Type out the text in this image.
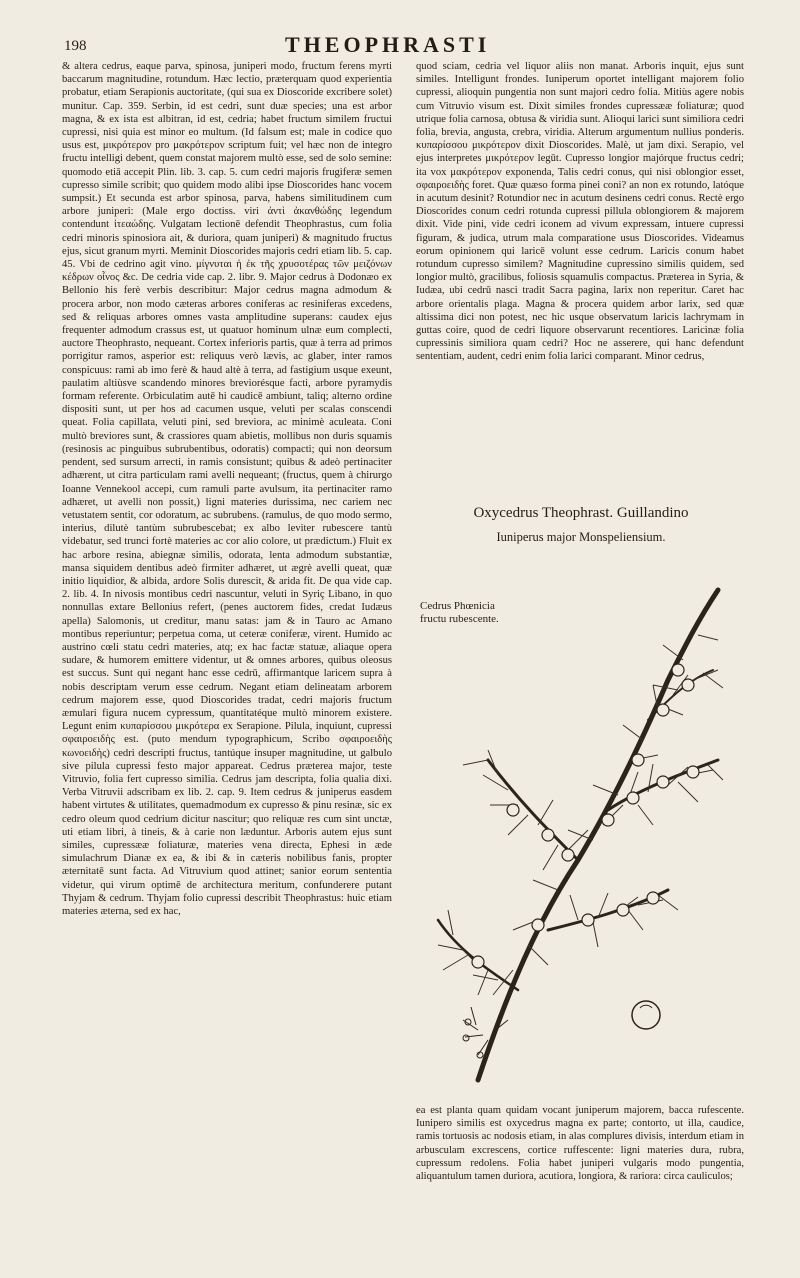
198	THEOPHRASTI

& altera cedrus, eaque parva, spinosa, juniperi modo, fructum ferens myrti baccarum magnitudine, rotundum. Hæc lectio, præterquam quod experientia probatur, etiam Serapionis auctoritate, (qui sua ex Dioscoride excribere solet) munitur. Cap. 359. Serbin, id est cedri, sunt duæ species; una est arbor magna, & ex ista est albitran, id est, cedria; habet fructum similem fructui cupressi, nisi quia est minor eo multum. (Id falsum est; male in codice quo usus est, μικρότερον pro μακρότερον scriptum fuit; vel hæc non de integro fructu intelligi debent, quem constat majorem multò esse, sed de solo semine: quomodo etiā accepit Plin. lib. 3. cap. 5. cum cedri majoris frugiferæ semen cupresso simile scribit; quo quidem modo alibi ipse Dioscorides hanc vocem sumpsit.) Et secunda est arbor spinosa, parva, habens similitudinem cum arbore juniperi: (Male ergo doctiss. viri ἀντὶ ἀκανθώδης legendum contendunt ἰτεαώδης. Vulgatam lectionē defendit Theophrastus, cum folia cedri minoris spinosiora ait, & duriora, quam juniperi) & magnitudo fructus ejus, sicut granum myrti. Meminit Dioscorides majoris cedri etiam lib. 5. cap. 45. Vbi de cedrino agit vino. μίγνυται ἡ ἐκ τῆς χρυσοτέρας τῶν μειζόνων κέδρων οἶνος &c. De cedria vide cap. 2. libr. 9. Major cedrus à Dodonæo ex Bellonio his ferè verbis describitur: Major cedrus magna admodum & procera arbor, non modo cæteras arbores coniferas ac resiniferas excedens, sed & reliquas arbores omnes vasta amplitudine superans: caudex ejus frequenter admodum crassus est, ut quatuor hominum ulnæ eum complecti, auctore Theophrasto, nequeant. Cortex inferioris partis, quæ à terra ad primos porrigitur ramos, asperior est: reliquus verò lævis, ac glaber, inter ramos conspicuus: rami ab imo ferè & haud altè à terra, ad fastigium usque exeunt, paulatim altiùsve scandendo minores breviorésque facti, arbore pyramydis formam referente. Orbiculatim autē hi caudicē ambiunt, taliq; alterno ordine dispositi sunt, ut per hos ad cacumen usque, veluti per scalas conscendi queat. Folia capillata, veluti pini, sed breviora, ac minimè aculeata. Coni multò breviores sunt, & crassiores quam abietis, mollibus non duris squamis (resinosis ac pinguibus subrubentibus, odoratis) compacti; qui non deorsum pendent, sed sursum arrecti, in ramis consistunt; quibus & adeò pertinaciter adhærent, ut citra particulam rami avelli nequeant; (fructus, quem à chirurgo Ioanne Vennekool accepi, cum ramuli parte avulsum, ita pertinaciter ramo adhæret, ut avelli non possit,) ligni materies durissima, nec cariem nec vetustatem sentit, cor odoratum, ac subrubens. (ramulus, de quo modo sermo, interius, dilutè tantùm subrubescebat; ex albo leviter rubescere tantù videbatur, sed trunci fortè materies ac cor alio colore, ut prædictum.) Fluit ex hac arbore resina, abiegnæ similis, odorata, lenta admodum substantiæ, mansa siquidem dentibus adeò firmiter adhæret, ut ægrè avelli queat, quæ initio liquidior, & albida, ardore Solis durescit, & arida fit. De qua vide cap. 2. lib. 4. In nivosis montibus cedri nascuntur, veluti in Syriç Libano, in quo nonnullas extare Bellonius refert, (penes auctorem fides, credat Iudæus apella) Salomonis, ut creditur, manu satas: jam & in Tauro ac Amano montibus reperiuntur; perpetua coma, ut ceteræ coniferæ, virent. Humido ac austrino cœli statu cedri materies, atq; ex hac factæ statuæ, aliaque opera sudare, & humorem emittere videntur, ut & omnes arbores, quibus oleosus est succus. Sunt qui negant hanc esse cedrū, affirmantque laricem supra à nobis descriptam verum esse cedrum. Negant etiam delineatam arborem cedrum majorem esse, quod Dioscorides tradat, cedri majoris fructum æmulari figura nucem cypressum, quantitatéque multò minorem existere. Legunt enim κυπαρίσσου μικρότερα ex Serapione. Pilula, inquiunt, cupressi σφαιροειδὴς est. (puto mendum typographicum, Scribo σφαιροειδὴς κωνοειδὴς) cedri descripti fructus, tantúque insuper magnitudine, ut galbulo sive pilula cupressi festo major appareat. Cedrus præterea major, teste Vitruvio, folia fert cupresso similia. Cedrus jam descripta, folia qualia dixi. Verba Vitruvii adscribam ex lib. 2. cap. 9. Item cedrus & juniperus easdem habent virtutes & utilitates, quemadmodum ex cupresso & pinu resinæ, sic ex cedro oleum quod cedrium dicitur nascitur; quo reliquæ res cum sint unctæ, uti etiam libri, à tineis, & à carie non læduntur. Arboris autem ejus sunt similes, cupressææ foliaturæ, materies vena directa, Ephesi in æde simulachrum Dianæ ex ea, & ibi & in cæteris nobilibus fanis, propter æternitatē sunt facta. Ad Vitruvium quod attinet; sanior eorum sententia videtur, qui virum optimē de architectura meritum, confunderere putant Thyjam & cedrum. Thyjam folio cupressi describit Theophrastus: huic etiam materies æterna, sed ex hac,

quod sciam, cedria vel liquor aliis non manat. Arboris inquit, ejus sunt similes. Intelligunt frondes. Iuniperum oportet intelligant majorem folio cupressi, alioquin pungentia non sunt majori cedro folia. Mitiùs agere nobis cum Vitruvio visum est. Dixit similes frondes cupressææ foliaturæ; quod utrique folia carnosa, obtusa & viridia sunt. Alioqui larici sunt similiora cedri folia, brevia, angusta, crebra, viridia. Alterum argumentum nullius ponderis. κυπαρίσσου μικρότερον dixit Dioscorides. Malè, ut jam dixi. Serapio, vel ejus interpretes μικρότερον legūt. Cupresso longior majórque fructus cedri; ita vox μακρότερον exponenda, Talis cedri conus, qui nisi oblongior esset, σφαιροειδὴς foret. Quæ quæso forma pinei coni? an non ex rotundo, latóque in acutum desinit? Rotundior nec in acutum desinens cedri conus. Rectè ergo Dioscorides conum cedri rotunda cupressi pillula oblongiorem & majorem dixit. Vide pini, vide cedri iconem ad vivum expressam, intuere cupressi figuram, & judica, utrum mala comparatione usus Dioscorides. Videamus eorum opinionem qui laricē volunt esse cedrum. Laricis conum habet rotundum cupresso similem? Magnitudine cupressino similis quidem, sed longior multò, gracilibus, foliosis squamulis compactus. Præterea in Syria, & Iudæa, ubi cedrū nasci tradit Sacra pagina, larix non reperitur. Caret hac arbore orientalis plaga. Magna & procera quidem arbor larix, sed quæ altissima dici non potest, nec hic usque observatum laricis lachrymam in guttas coire, quod de cedri liquore observarunt recentiores. Laricinæ folia cupressinis similiora quam cedri? Hoc ne asserere, qui hanc defendunt sententiam, audent, cedri enim folia larici comparant. Minor cedrus,

Oxycedrus Theophrast. Guillandino
Iuniperus major Monspeliensium.
Cedrus Phœnicia fructu rubescente.

ea est planta quam quidam vocant juniperum majorem, bacca rufescente. Iunipero similis est oxycedrus magna ex parte; contorto, ut illa, caudice, ramis tortuosis ac nodosis etiam, in alas complures divisis, interdum etiam in arbusculam excrescens, cortice ruffescente: ligni materies dura, rubra, cupressum redolens. Folia habet juniperi vulgaris modo pungentia, aliquantulum tamen duriora, acutiora, longiora, & rariora: circa cauliculos;
